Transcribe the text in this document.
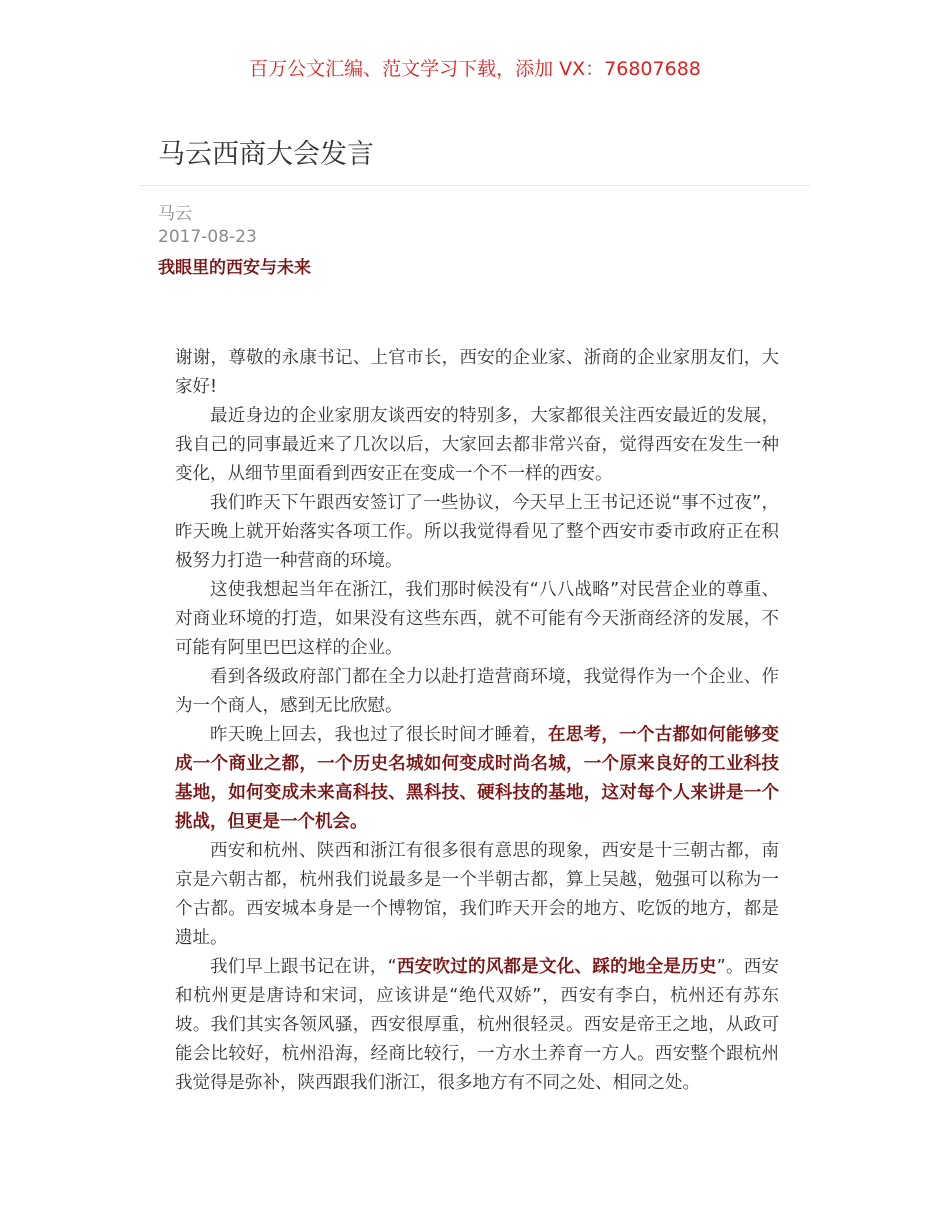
百万公文汇编、范文学习下载，添加 VX：76807688
马云西商大会发言
马云
2017-08-23
我眼里的西安与未来

谢谢，尊敬的永康书记、上官市长，西安的企业家、浙商的企业家朋友们，大家好!

最近身边的企业家朋友谈西安的特别多，大家都很关注西安最近的发展，我自己的同事最近来了几次以后，大家回去都非常兴奋，觉得西安在发生一种变化，从细节里面看到西安正在变成一个不一样的西安。

我们昨天下午跟西安签订了一些协议，今天早上王书记还说“事不过夜”，昨天晚上就开始落实各项工作。所以我觉得看见了整个西安市委市政府正在积极努力打造一种营商的环境。

这使我想起当年在浙江，我们那时候没有“八八战略”对民营企业的尊重、对商业环境的打造，如果没有这些东西，就不可能有今天浙商经济的发展，不可能有阿里巴巴这样的企业。

看到各级政府部门都在全力以赴打造营商环境，我觉得作为一个企业、作为一个商人，感到无比欣慰。

昨天晚上回去，我也过了很长时间才睡着，在思考，一个古都如何能够变成一个商业之都，一个历史名城如何变成时尚名城，一个原来良好的工业科技基地，如何变成未来高科技、黑科技、硬科技的基地，这对每个人来讲是一个挑战，但更是一个机会。

西安和杭州、陕西和浙江有很多很有意思的现象，西安是十三朝古都，南京是六朝古都，杭州我们说最多是一个半朝古都，算上吴越，勉强可以称为一个古都。西安城本身是一个博物馆，我们昨天开会的地方、吃饭的地方，都是遗址。

我们早上跟书记在讲，“西安吹过的风都是文化、踩的地全是历史”。西安和杭州更是唐诗和宋词，应该讲是“绝代双娇”，西安有李白，杭州还有苏东坡。我们其实各领风骚，西安很厚重，杭州很轻灵。西安是帝王之地，从政可能会比较好，杭州沿海，经商比较行，一方水土养育一方人。西安整个跟杭州我觉得是弥补，陕西跟我们浙江，很多地方有不同之处、相同之处。
